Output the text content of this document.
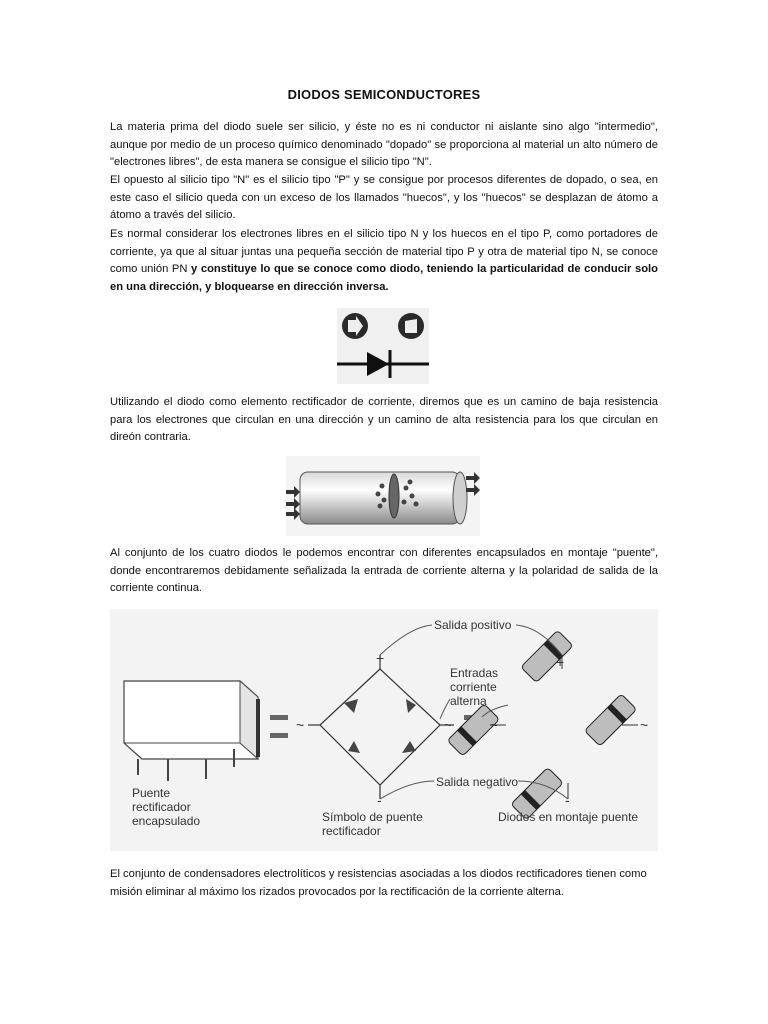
DIODOS SEMICONDUCTORES
La materia prima del diodo suele ser silicio, y éste no es ni conductor ni aislante sino algo "intermedio", aunque por medio de un proceso químico denominado "dopado" se proporciona al material un alto número de "electrones libres", de esta manera se consigue el silicio tipo "N".
El opuesto al silicio tipo "N" es el silicio tipo "P" y se consigue por procesos diferentes de dopado, o sea, en este caso el silicio queda con un exceso de los llamados "huecos", y los "huecos" se desplazan de átomo a átomo a través del silicio.
Es normal considerar los electrones libres en el silicio tipo N y los huecos en el tipo P, como portadores de corriente, ya que al situar juntas una pequeña sección de material tipo P y otra de material tipo N, se conoce como unión PN y constituye lo que se conoce como diodo, teniendo la particularidad de conducir solo en una dirección, y bloquearse en dirección inversa.
Utilizando el diodo como elemento rectificador de corriente, diremos que es un camino de baja resistencia para los electrones que circulan en una dirección y un camino de alta resistencia para los que circulan en direón contraria.
Al conjunto de los cuatro diodos le podemos encontrar con diferentes encapsulados en montaje "puente", donde encontraremos debidamente señalizada la entrada de corriente alterna y la polaridad de salida de la corriente continua.
Salida positivo
+	+
Entradas
corriente
alterna
~	~	~	~
Salida negativo
-	-
Puente
rectificador
encapsulado	Símbolo de puente
rectificador
Diodos en montaje puente
El conjunto de condensadores electrolíticos y resistencias asociadas a los diodos rectificadores tienen como misión eliminar al máximo los rizados provocados por la rectificación de la corriente alterna.
